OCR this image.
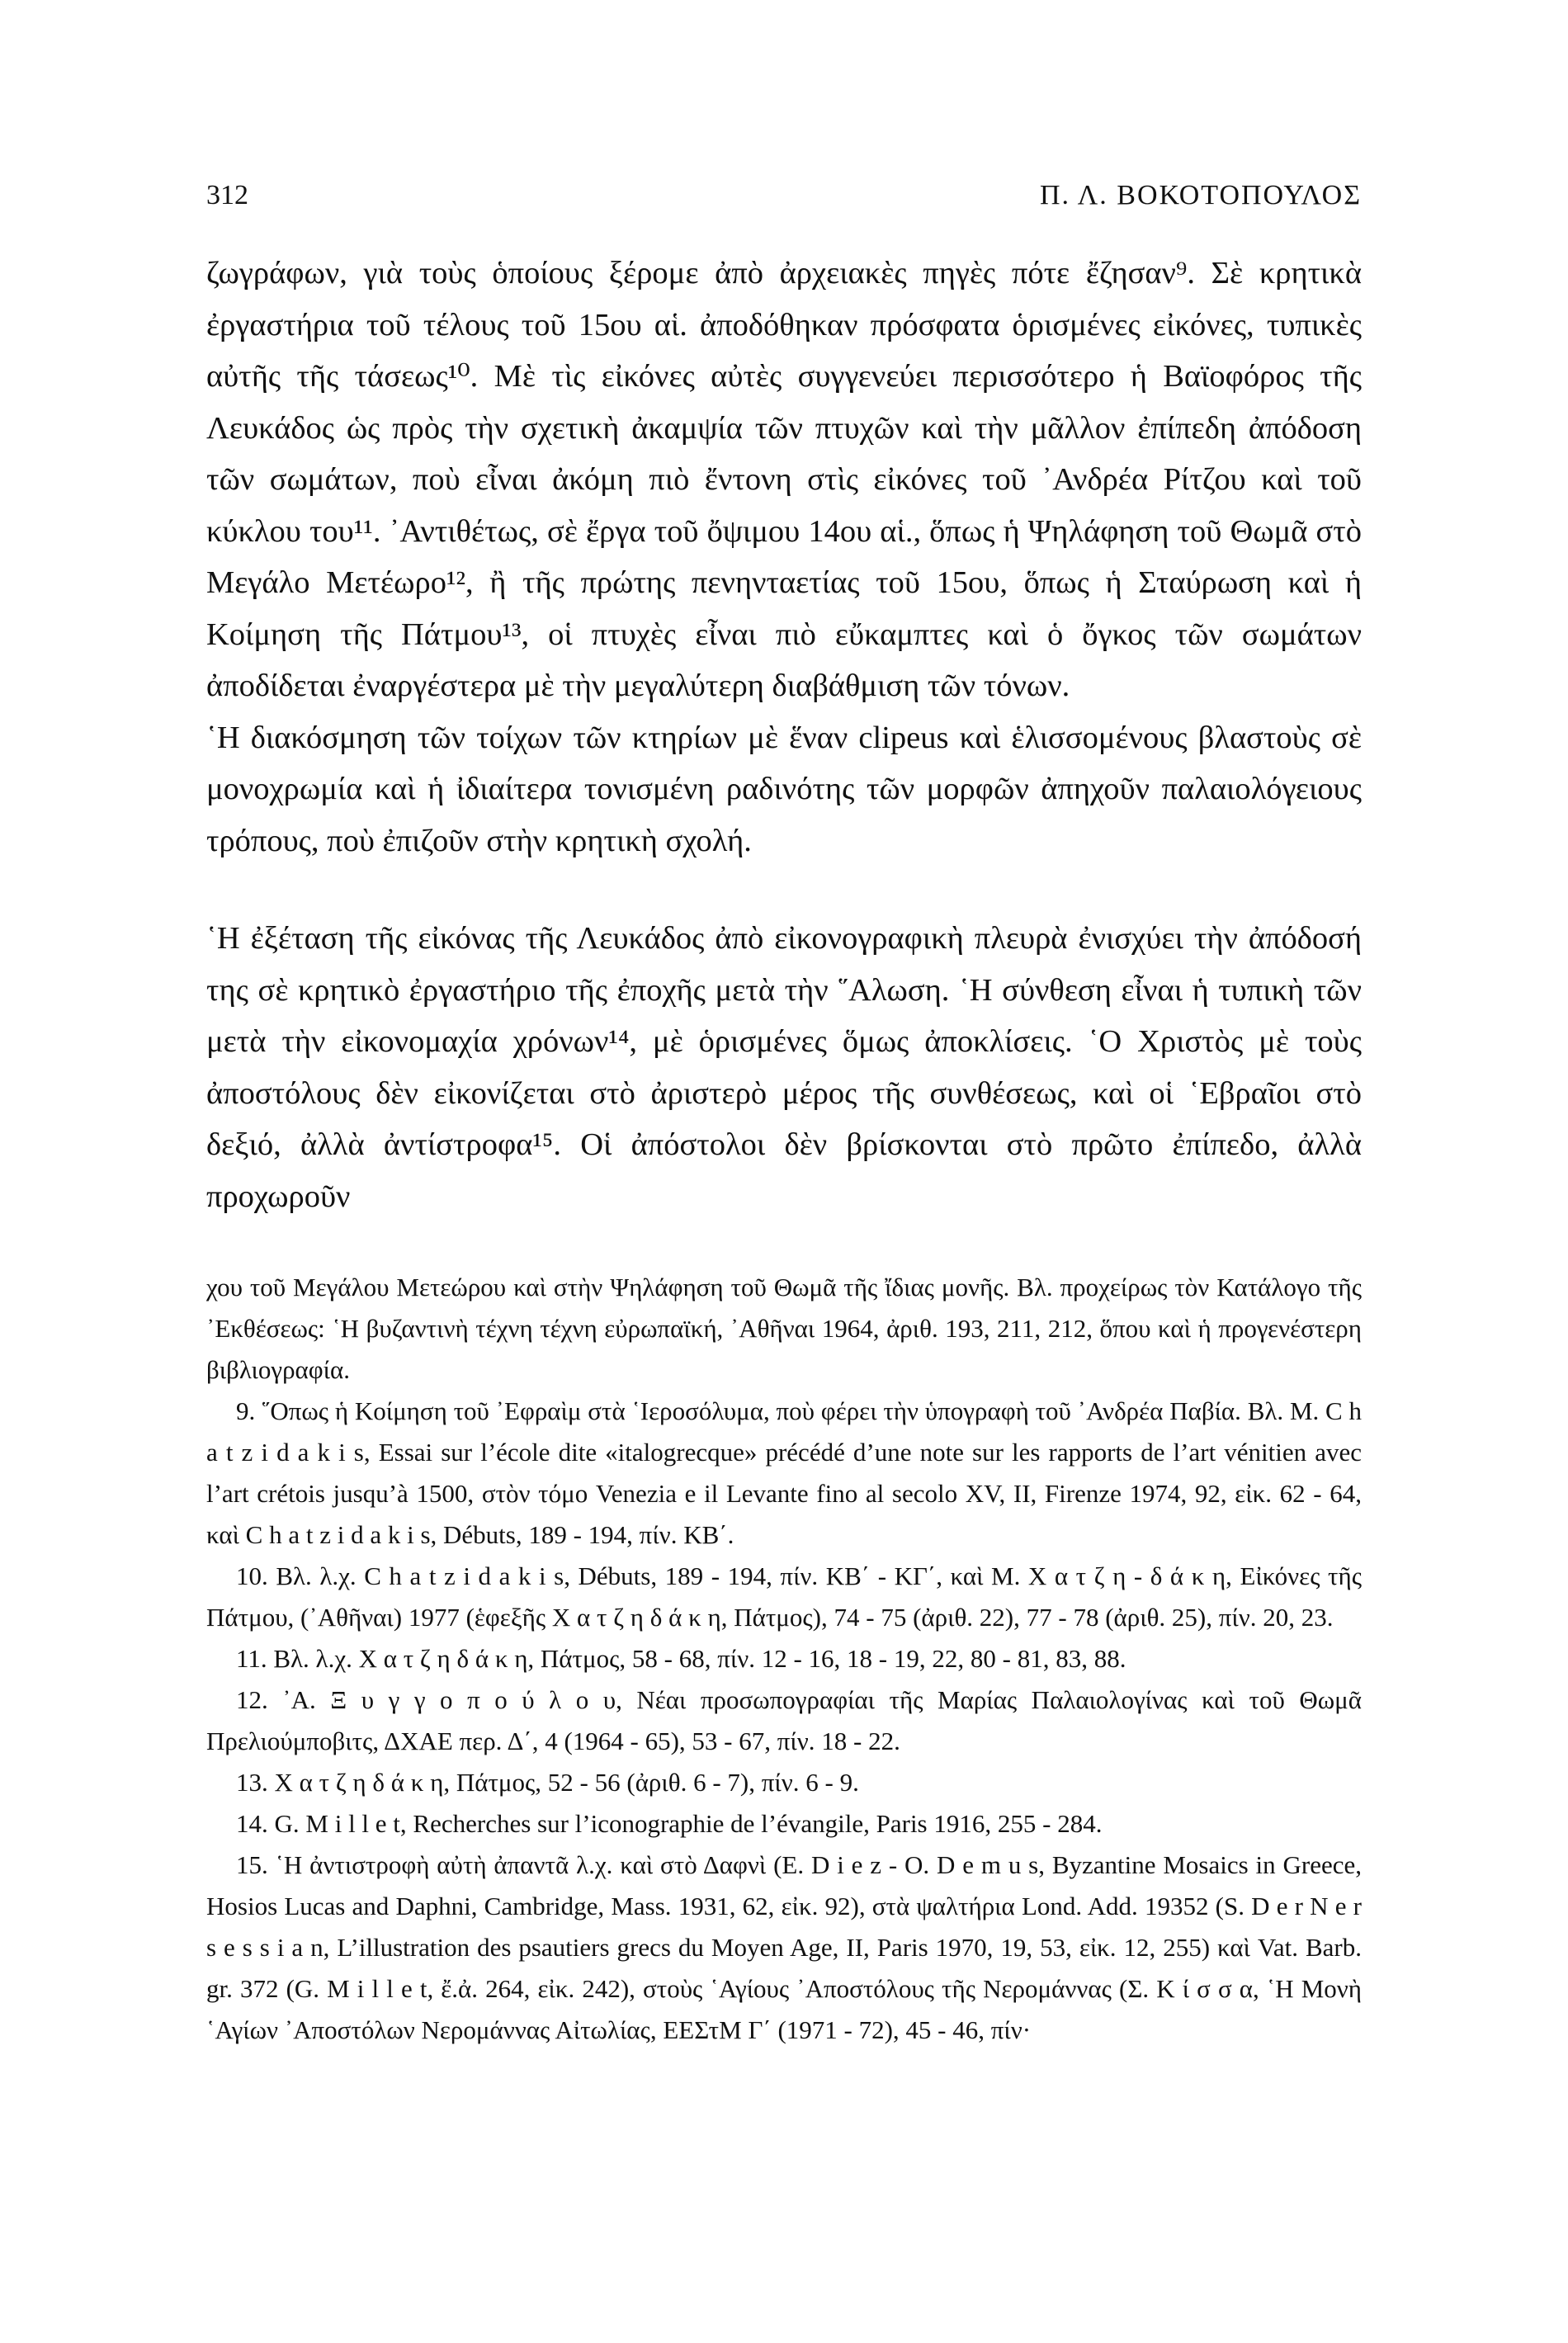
312	Π. Λ. ΒΟΚΟΤΟΠΟΥΛΟΣ

ζωγράφων, γιὰ τοὺς ὁποίους ξέρομε ἀπὸ ἀρχειακὲς πηγὲς πότε ἔζησαν⁹. Σὲ κρητικὰ ἐργαστήρια τοῦ τέλους τοῦ 15ου αἱ. ἀποδόθηκαν πρόσφατα ὁρισμένες εἰκόνες, τυπικὲς αὐτῆς τῆς τάσεως¹⁰. Μὲ τὶς εἰκόνες αὐτὲς συγγενεύει περισσότερο ἡ Βαϊοφόρος τῆς Λευκάδος ὡς πρὸς τὴν σχετικὴ ἀκαμψία τῶν πτυχῶν καὶ τὴν μᾶλλον ἐπίπεδη ἀπόδοση τῶν σωμάτων, ποὺ εἶναι ἀκόμη πιὸ ἔντονη στὶς εἰκόνες τοῦ ᾿Ανδρέα Ρίτζου καὶ τοῦ κύκλου του¹¹. ᾿Αντιθέτως, σὲ ἔργα τοῦ ὄψιμου 14ου αἱ., ὅπως ἡ Ψηλάφηση τοῦ Θωμᾶ στὸ Μεγάλο Μετέωρο¹², ἢ τῆς πρώτης πενηνταετίας τοῦ 15ου, ὅπως ἡ Σταύρωση καὶ ἡ Κοίμηση τῆς Πάτμου¹³, οἱ πτυχὲς εἶναι πιὸ εὔκαμπτες καὶ ὁ ὄγκος τῶν σωμάτων ἀποδίδεται ἐναργέστερα μὲ τὴν μεγαλύτερη διαβάθμιση τῶν τόνων.

῾Η διακόσμηση τῶν τοίχων τῶν κτηρίων μὲ ἕναν clipeus καὶ ἑλισσομένους βλαστοὺς σὲ μονοχρωμία καὶ ἡ ἰδιαίτερα τονισμένη ραδινότης τῶν μορφῶν ἀπηχοῦν παλαιολόγειους τρόπους, ποὺ ἐπιζοῦν στὴν κρητικὴ σχολή.

῾Η ἐξέταση τῆς εἰκόνας τῆς Λευκάδος ἀπὸ εἰκονογραφικὴ πλευρὰ ἐνισχύει τὴν ἀπόδοσή της σὲ κρητικὸ ἐργαστήριο τῆς ἐποχῆς μετὰ τὴν ῞Αλωση. ῾Η σύνθεση εἶναι ἡ τυπικὴ τῶν μετὰ τὴν εἰκονομαχία χρόνων¹⁴, μὲ ὁρισμένες ὅμως ἀποκλίσεις. ῾Ο Χριστὸς μὲ τοὺς ἀποστόλους δὲν εἰκονίζεται στὸ ἀριστερὸ μέρος τῆς συνθέσεως, καὶ οἱ ῾Εβραῖοι στὸ δεξιό, ἀλλὰ ἀντίστροφα¹⁵. Οἱ ἀπόστολοι δὲν βρίσκονται στὸ πρῶτο ἐπίπεδο, ἀλλὰ προχωροῦν

χου τοῦ Μεγάλου Μετεώρου καὶ στὴν Ψηλάφηση τοῦ Θωμᾶ τῆς ἴδιας μονῆς. Βλ. προχείρως τὸν Κατάλογο τῆς ᾿Εκθέσεως: ῾Η βυζαντινὴ τέχνη τέχνη εὐρωπαϊκή, ᾿Αθῆναι 1964, ἀριθ. 193, 211, 212, ὅπου καὶ ἡ προγενέστερη βιβλιογραφία.

9. ῞Οπως ἡ Κοίμηση τοῦ ᾿Εφραὶμ στὰ ῾Ιεροσόλυμα, ποὺ φέρει τὴν ὑπογραφὴ τοῦ ᾿Ανδρέα Παβία. Βλ. M. C h a t z i d a k i s, Essai sur l’école dite «italogrecque» précédé d’une note sur les rapports de l’art vénitien avec l’art crétois jusqu’à 1500, στὸν τόμο Venezia e il Levante fino al secolo XV, II, Firenze 1974, 92, εἰκ. 62 - 64, καὶ C h a t z i d a k i s, Débuts, 189 - 194, πίν. ΚΒ΄.

10. Βλ. λ.χ. C h a t z i d a k i s, Débuts, 189 - 194, πίν. ΚΒ΄ - ΚΓ΄, καὶ Μ. Χ α τ ζ η - δ ά κ η, Εἰκόνες τῆς Πάτμου, (᾿Αθῆναι) 1977 (ἑφεξῆς Χ α τ ζ η δ ά κ η, Πάτμος), 74 - 75 (ἀριθ. 22), 77 - 78 (ἀριθ. 25), πίν. 20, 23.

11. Βλ. λ.χ. Χ α τ ζ η δ ά κ η, Πάτμος, 58 - 68, πίν. 12 - 16, 18 - 19, 22, 80 - 81, 83, 88.

12. ᾿Α. Ξ υ γ γ ο π ο ύ λ ο υ, Νέαι προσωπογραφίαι τῆς Μαρίας Παλαιολογίνας καὶ τοῦ Θωμᾶ Πρελιούμποβιτς, ΔΧΑΕ περ. Δ΄, 4 (1964 - 65), 53 - 67, πίν. 18 - 22.

13. Χ α τ ζ η δ ά κ η, Πάτμος, 52 - 56 (ἀριθ. 6 - 7), πίν. 6 - 9.

14. G. M i l l e t, Recherches sur l’iconographie de l’évangile, Paris 1916, 255 - 284.

15. ῾Η ἀντιστροφὴ αὐτὴ ἀπαντᾶ λ.χ. καὶ στὸ Δαφνὶ (E. D i e z - O. D e m u s, Byzantine Mosaics in Greece, Hosios Lucas and Daphni, Cambridge, Mass. 1931, 62, εἰκ. 92), στὰ ψαλτήρια Lond. Add. 19352 (S. D e r N e r s e s s i a n, L’illustration des psautiers grecs du Moyen Age, II, Paris 1970, 19, 53, εἰκ. 12, 255) καὶ Vat. Barb. gr. 372 (G. M i l l e t, ἔ.ἀ. 264, εἰκ. 242), στοὺς ῾Αγίους ᾿Αποστόλους τῆς Νερομάννας (Σ. Κ ί σ σ α, ῾Η Μονὴ ῾Αγίων ᾿Αποστόλων Νερομάννας Αἰτωλίας, ΕΕΣτΜ Γ΄ (1971 - 72), 45 - 46, πίν·
